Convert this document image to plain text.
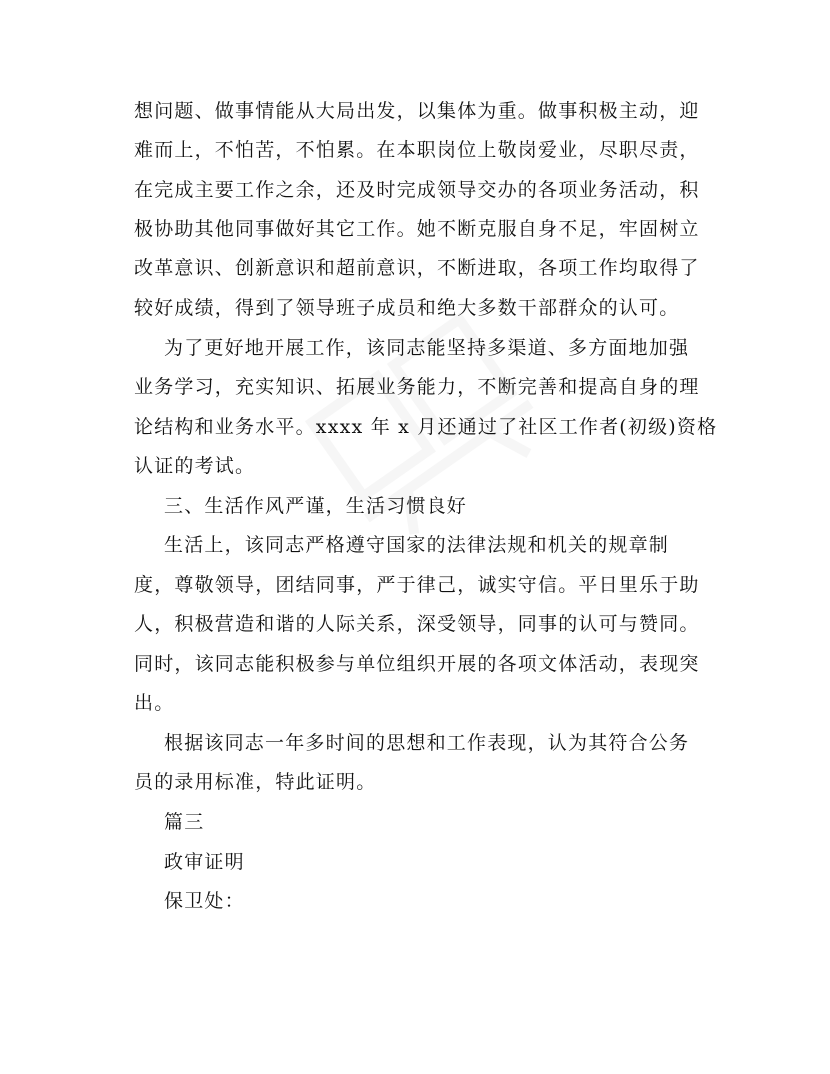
想问题、做事情能从大局出发，以集体为重。做事积极主动，迎
难而上，不怕苦，不怕累。在本职岗位上敬岗爱业，尽职尽责，
在完成主要工作之余，还及时完成领导交办的各项业务活动，积
极协助其他同事做好其它工作。她不断克服自身不足，牢固树立
改革意识、创新意识和超前意识，不断进取，各项工作均取得了
较好成绩，得到了领导班子成员和绝大多数干部群众的认可。
为了更好地开展工作，该同志能坚持多渠道、多方面地加强
业务学习，充实知识、拓展业务能力，不断完善和提高自身的理
论结构和业务水平。xxxx 年 x 月还通过了社区工作者(初级)资格
认证的考试。
三、生活作风严谨，生活习惯良好
生活上，该同志严格遵守国家的法律法规和机关的规章制
度，尊敬领导，团结同事，严于律己，诚实守信。平日里乐于助
人，积极营造和谐的人际关系，深受领导，同事的认可与赞同。
同时，该同志能积极参与单位组织开展的各项文体活动，表现突
出。
根据该同志一年多时间的思想和工作表现，认为其符合公务
员的录用标准，特此证明。
篇三
政审证明
保卫处：
